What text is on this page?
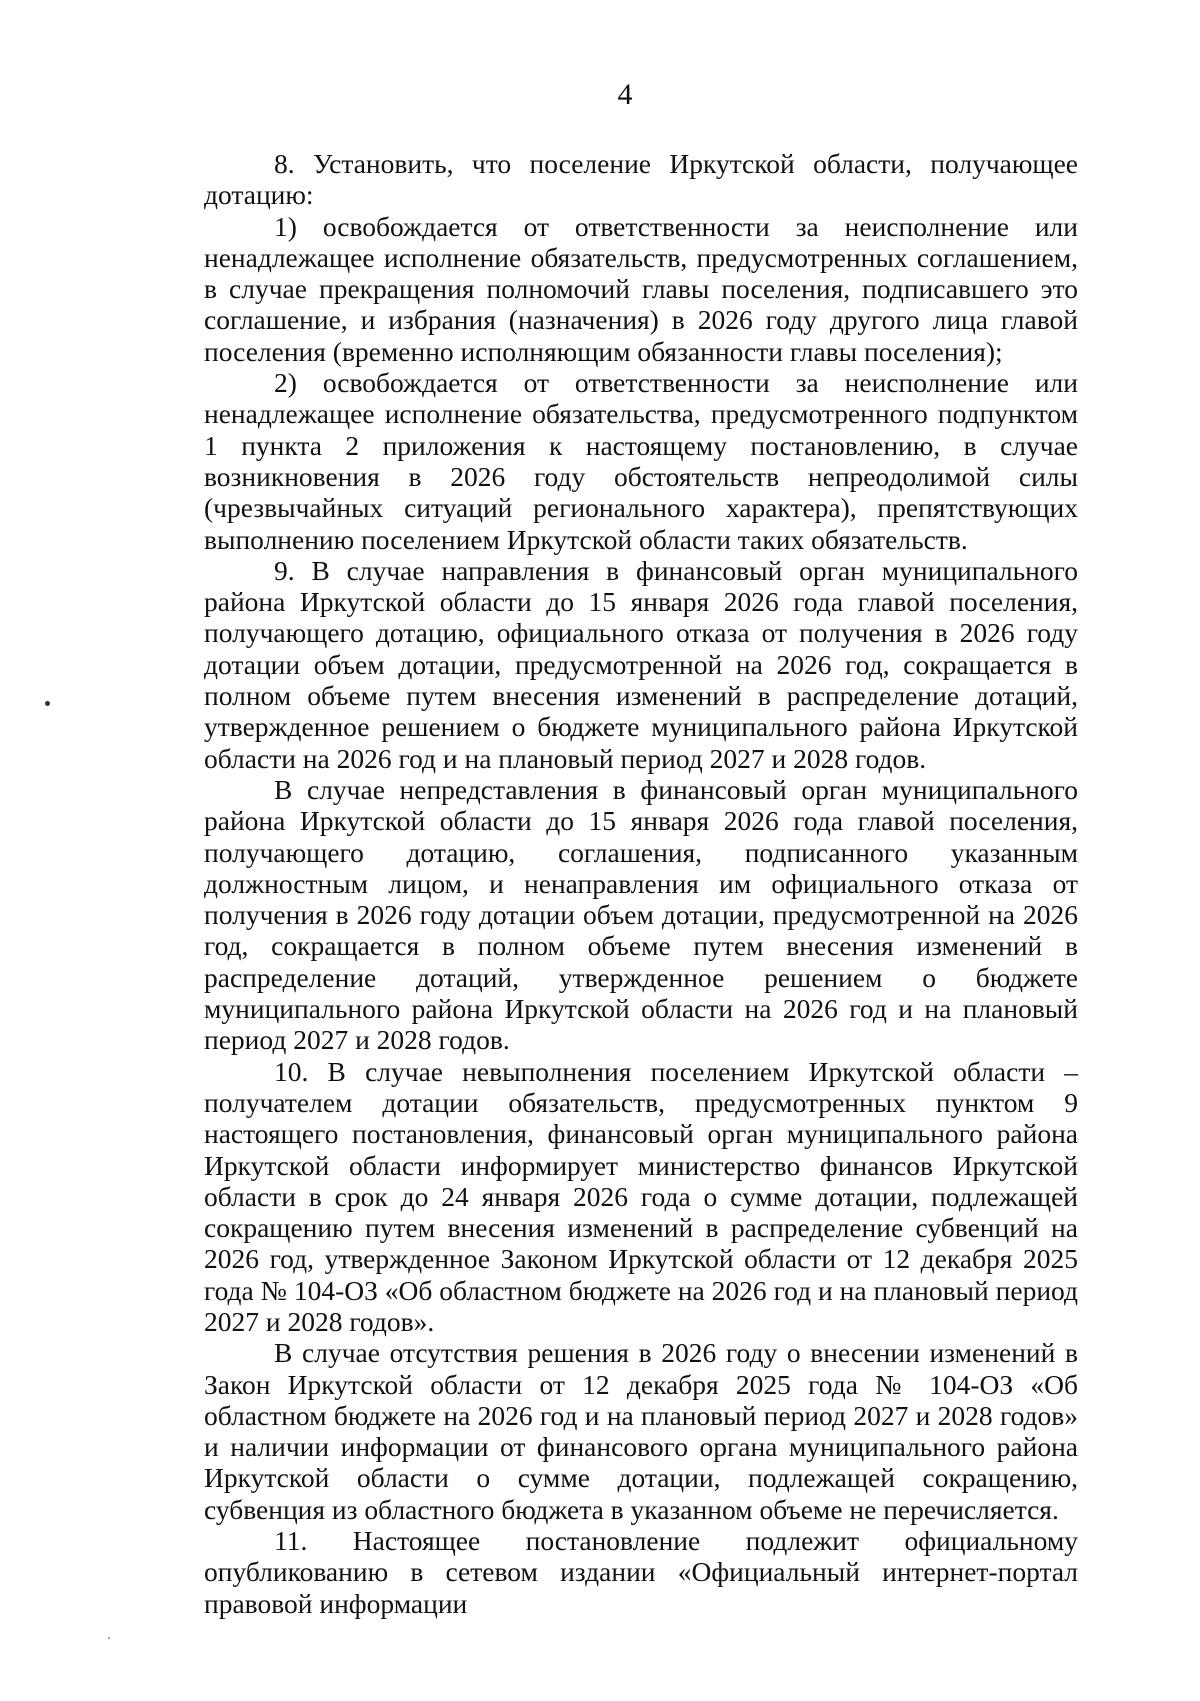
4

8. Установить, что поселение Иркутской области, получающее дотацию:

1) освобождается от ответственности за неисполнение или ненадлежащее исполнение обязательств, предусмотренных соглашением, в случае прекращения полномочий главы поселения, подписавшего это соглашение, и избрания (назначения) в 2026 году другого лица главой поселения (временно исполняющим обязанности главы поселения);

2) освобождается от ответственности за неисполнение или ненадлежащее исполнение обязательства, предусмотренного подпунктом 1 пункта 2 приложения к настоящему постановлению, в случае возникновения в 2026 году обстоятельств непреодолимой силы (чрезвычайных ситуаций регионального характера), препятствующих выполнению поселением Иркутской области таких обязательств.

9. В случае направления в финансовый орган муниципального района Иркутской области до 15 января 2026 года главой поселения, получающего дотацию, официального отказа от получения в 2026 году дотации объем дотации, предусмотренной на 2026 год, сокращается в полном объеме путем внесения изменений в распределение дотаций, утвержденное решением о бюджете муниципального района Иркутской области на 2026 год и на плановый период 2027 и 2028 годов.

В случае непредставления в финансовый орган муниципального района Иркутской области до 15 января 2026 года главой поселения, получающего дотацию, соглашения, подписанного указанным должностным лицом, и ненаправления им официального отказа от получения в 2026 году дотации объем дотации, предусмотренной на 2026 год, сокращается в полном объеме путем внесения изменений в распределение дотаций, утвержденное решением о бюджете муниципального района Иркутской области на 2026 год и на плановый период 2027 и 2028 годов.

10. В случае невыполнения поселением Иркутской области – получателем дотации обязательств, предусмотренных пунктом 9 настоящего постановления, финансовый орган муниципального района Иркутской области информирует министерство финансов Иркутской области в срок до 24 января 2026 года о сумме дотации, подлежащей сокращению путем внесения изменений в распределение субвенций на 2026 год, утвержденное Законом Иркутской области от 12 декабря 2025 года № 104-ОЗ «Об областном бюджете на 2026 год и на плановый период 2027 и 2028 годов».

В случае отсутствия решения в 2026 году о внесении изменений в Закон Иркутской области от 12 декабря 2025 года № 104-ОЗ «Об областном бюджете на 2026 год и на плановый период 2027 и 2028 годов» и наличии информации от финансового органа муниципального района Иркутской области о сумме дотации, подлежащей сокращению, субвенция из областного бюджета в указанном объеме не перечисляется.

11. Настоящее постановление подлежит официальному опубликованию в сетевом издании «Официальный интернет-портал правовой информации
